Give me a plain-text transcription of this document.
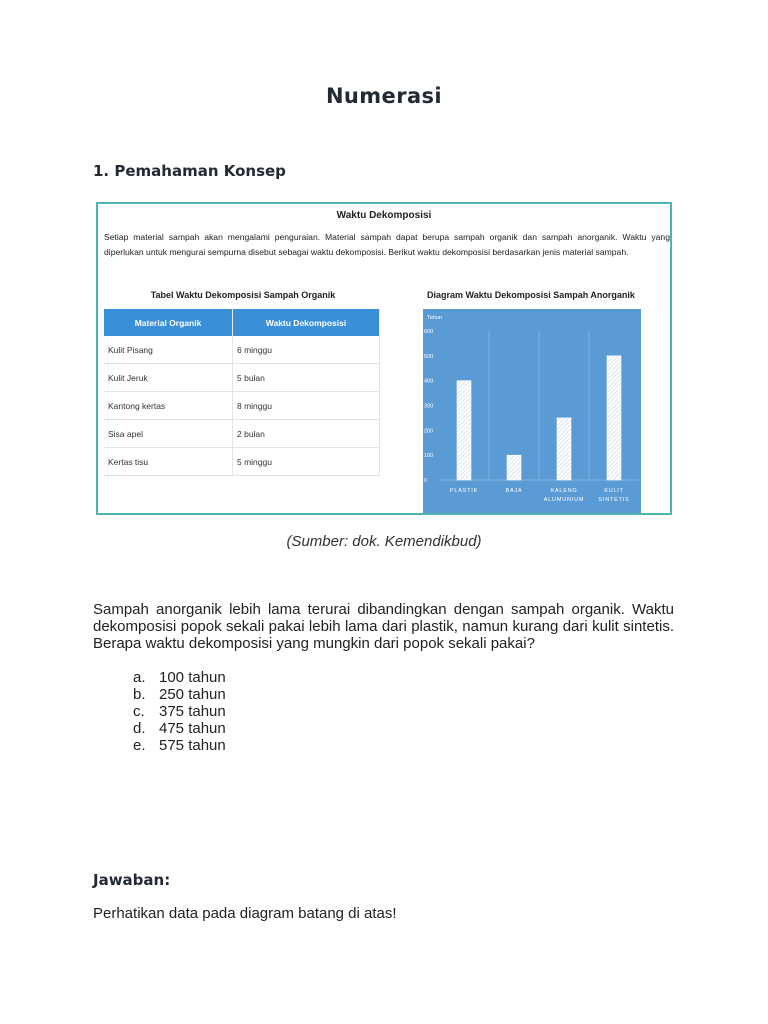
Numerasi
1. Pemahaman Konsep
Waktu Dekomposisi
Setiap material sampah akan mengalami penguraian. Material sampah dapat berupa sampah organik dan sampah anorganik. Waktu yang diperlukan untuk mengurai sempurna disebut sebagai waktu dekomposisi. Berikut waktu dekomposisi berdasarkan jenis material sampah.
Tabel Waktu Dekomposisi Sampah Organik
Material Organik	Waktu Dekomposisi
Kulit Pisang	6 minggu
Kulit Jeruk	5 bulan
Kantong kertas	8 minggu
Sisa apel	2 bulan
Kertas tisu	5 minggu
Diagram Waktu Dekomposisi Sampah Anorganik
Tahun
0
100
200
300
400
500
600
PLASTIK	BAJA	KALENG
ALUMUNIUM
KULIT
SINTETIS
(Sumber: dok. Kemendikbud)
Sampah anorganik lebih lama terurai dibandingkan dengan sampah organik. Waktu dekomposisi popok sekali pakai lebih lama dari plastik, namun kurang dari kulit sintetis. Berapa waktu dekomposisi yang mungkin dari popok sekali pakai?
a. 100 tahun
b. 250 tahun
c. 375 tahun
d. 475 tahun
e. 575 tahun
Jawaban:
Perhatikan data pada diagram batang di atas!
